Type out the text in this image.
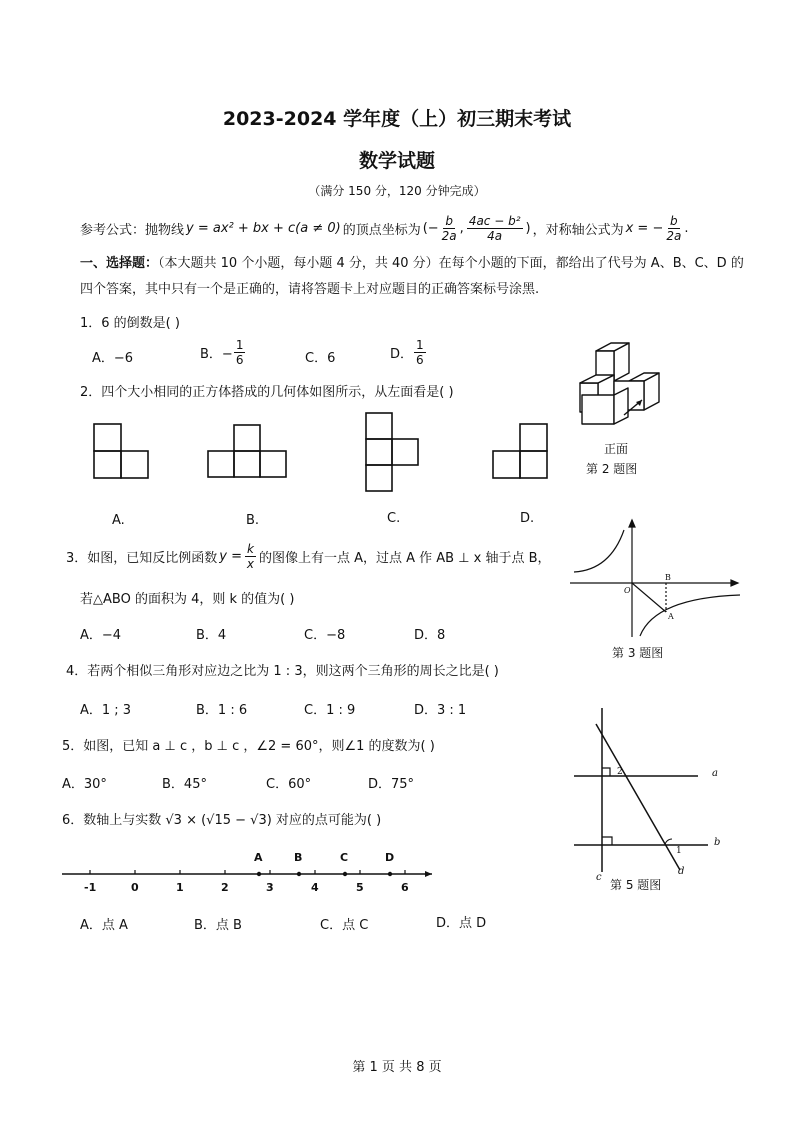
2023-2024 学年度（上）初三期末考试
数学试题
（满分 150 分，120 分钟完成）
参考公式：抛物线 y = ax² + bx + c(a ≠ 0) 的顶点坐标为 (− $\frac{b}{2a}$ , $\frac{\text{4ac − b²}}{4a}$ ) ，对称轴公式为 x = − $\frac{b}{2a}$ .
一、选择题：（本大题共 10 个小题，每小题 4 分，共 40 分）在每个小题的下面，都给出了代号为 A、B、C、D 的
四个答案，其中只有一个是正确的，请将答题卡上对应题目的正确答案标号涂黑.
1．6 的倒数是( )
A．−6	B．− $\frac{1}{6}$	C．6	D． $\frac{1}{6}$
2．四个大小相同的正方体搭成的几何体如图所示，从左面看是( )
A.	B.	C.	D.
正面
第 2 题图
3．如图，已知反比例函数 $y = \frac{k}{x}$ 的图像上有一点 A，过点 A 作 AB ⊥ x 轴于点 B，
若△ABO 的面积为 4，则 k 的值为( )
A．−4	B．4	C．−8	D．8
O
A
B
第 3 题图
4．若两个相似三角形对应边之比为 1 : 3，则这两个三角形的周长之比是( )
A．1 ; 3	B．1 : 6	C．1 : 9	D．3 : 1
5．如图，已知 a ⊥ c ，b ⊥ c ，∠2 = 60°，则∠1 的度数为( )
A．30°	B．45°	C．60°	D．75°
a
b
c
d
1
2
第 5 题图
6．数轴上与实数 √3 × (√15 − √3) 对应的点可能为( )
A	B	C	D
-1	0	1	2	3	4	5	6
A．点 A	B．点 B	C．点 C	D．点 D
第 1 页 共 8 页
